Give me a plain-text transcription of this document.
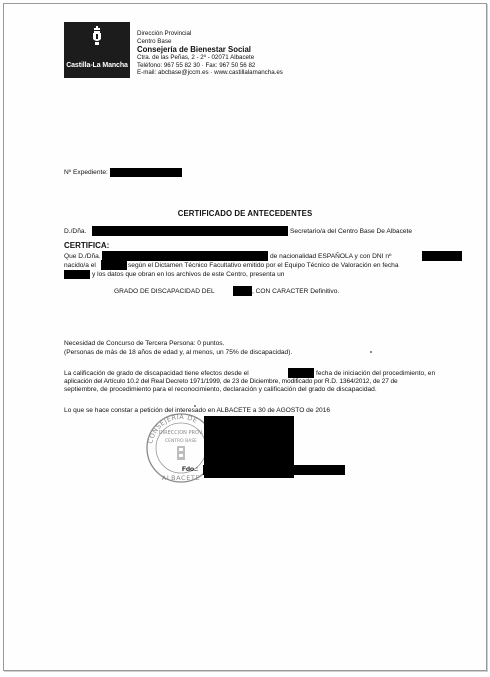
Castilla-La Mancha
Dirección Provincial
Centro Base
Consejería de Bienestar Social
Ctra. de las Peñas, 2 - 2º - 02071 Albacete
Teléfono: 967 55 82 30 · Fax: 967 50 56 82
E-mail: abcbase@jccm.es · www.castillalamancha.es
Nº Expediente:
CERTIFICADO DE ANTECEDENTES
D./Dña.	Secretario/a del Centro Base De Albacete
CERTIFICA:
Que D./Dña.	de nacionalidad ESPAÑOLA y con DNI nº
nacido/a el	según el Dictamen Técnico Facultativo emitido por el Equipo Técnico de Valoración en fecha
y los datos que obran en los archivos de este Centro, presenta un
GRADO DE DISCAPACIDAD DEL	, CON CARACTER Definitivo.
Necesidad de Concurso de Tercera Persona: 0 puntos.
(Personas de más de 18 años de edad y, al menos, un 75% de discapacidad).
La calificación de grado de discapacidad tiene efectos desde el	fecha de iniciación del procedimiento, en
aplicación del Artículo 10.2 del Real Decreto 1971/1999, de 23 de Diciembre, modificado por R.D. 1364/2012, de 27 de
septiembre, de procedimiento para el reconocimiento, declaración y calificación del grado de discapacidad.
Lo que se hace constar a petición del interesado en ALBACETE a 30 de AGOSTO de 2016
CONSEJERIA DE
DIRECCION PROV.
CENTRO BASE
ALBACETE
Fdo.:
